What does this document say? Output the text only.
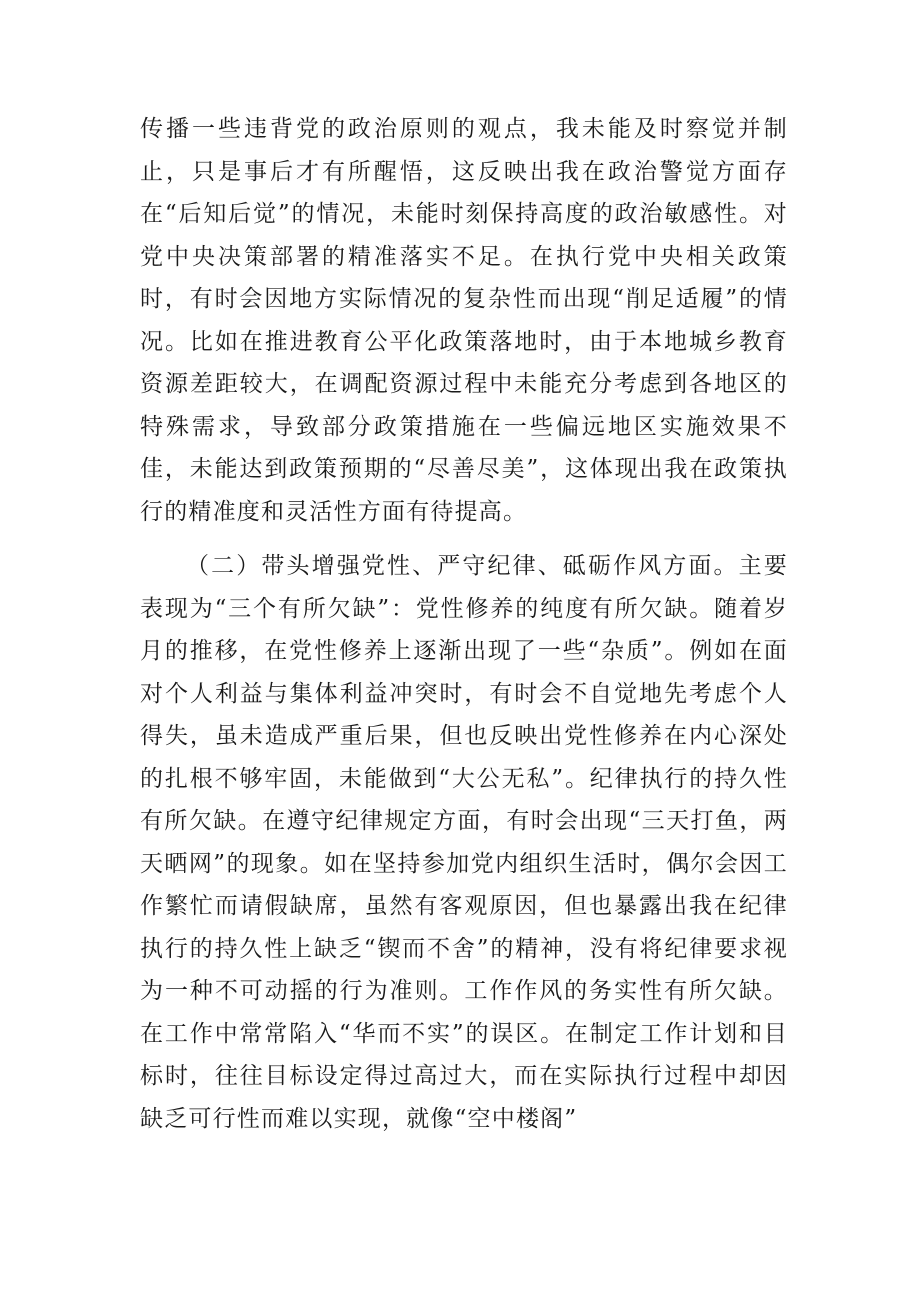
传播一些违背党的政治原则的观点，我未能及时察觉并制止，只是事后才有所醒悟，这反映出我在政治警觉方面存在“后知后觉”的情况，未能时刻保持高度的政治敏感性。对党中央决策部署的精准落实不足。在执行党中央相关政策时，有时会因地方实际情况的复杂性而出现“削足适履”的情况。比如在推进教育公平化政策落地时，由于本地城乡教育资源差距较大，在调配资源过程中未能充分考虑到各地区的特殊需求，导致部分政策措施在一些偏远地区实施效果不佳，未能达到政策预期的“尽善尽美”，这体现出我在政策执行的精准度和灵活性方面有待提高。

（二）带头增强党性、严守纪律、砥砺作风方面。主要表现为“三个有所欠缺”：党性修养的纯度有所欠缺。随着岁月的推移，在党性修养上逐渐出现了一些“杂质”。例如在面对个人利益与集体利益冲突时，有时会不自觉地先考虑个人得失，虽未造成严重后果，但也反映出党性修养在内心深处的扎根不够牢固，未能做到“大公无私”。纪律执行的持久性有所欠缺。在遵守纪律规定方面，有时会出现“三天打鱼，两天晒网”的现象。如在坚持参加党内组织生活时，偶尔会因工作繁忙而请假缺席，虽然有客观原因，但也暴露出我在纪律执行的持久性上缺乏“锲而不舍”的精神，没有将纪律要求视为一种不可动摇的行为准则。工作作风的务实性有所欠缺。在工作中常常陷入“华而不实”的误区。在制定工作计划和目标时，往往目标设定得过高过大，而在实际执行过程中却因缺乏可行性而难以实现，就像“空中楼阁”
